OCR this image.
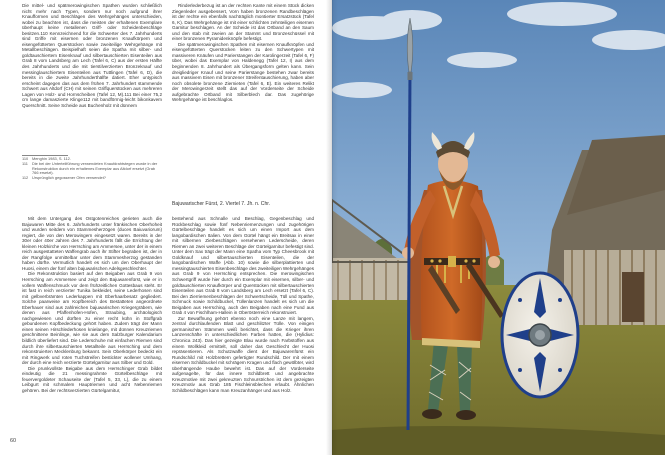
Die mittel- und spätmerowingischen Spathen wurden schließlich nicht mehr nach Typen, sondern nur noch aufgrund ihrer Knaufformen und Beschlägen des Wehrgehänges unterschieden, wobei zu beachten ist, dass die meisten der erhaltenen Exemplare überhaupt keine metallenen Griff- oder Scheidenbeschläge besitzen.110 Kennzeichnend für die Schwerter des 7. Jahrhunderts sind Griffe mit eisernen oder bronzenen Knaufkörpern und eisengefütterten Querstücken sowie zweiteilige Wehrgehänge mit Metallbeschlägen. Beispielhaft seien die Spatha mit silber- und goldtauschiertem Eisenknauf und silbertauschierten Eisenteilen aus Grab 8 vom Landsberg am Lech (Tafel 6, C) aus der ersten Hälfte des Jahrhunderts und die mit tierstilverzierten Bronzeknauf und messinglauschiertem Eisenteilen aus Tuttlingen (Tafel 6, D), die bereits in die zweite Jahrhunderthälfte datiert. Eher untypisch erscheint dagegen das aus dem frühen 7. Jahrhundert stammende Schwert aus Altdorf (CH) mit seinen Griffquerstücken aus mehreren Lagen von Holz- und Hornscheiben (Tafel 12, M).111 Bei einer 75,2 cm lange damaszierte Klinge112 mit bandförmig-leicht bikonkavem Querschnitt. Seine Scheide aus Buchenholz mit dünnem

Rinderlederbezug ist an der rechten Kante mit einem Stück dicken Ziegenleder ausgebessert, Vorn haben bronzenen Randbeschlägen ist der rechte ein ebenfalls nachträglich montierter Ersatzstück (Tafel 6, K). Das Wehrgehänge ist mit einer schlichten zehnteiligen eisernen Garnitur beschlagen. An der Scheide ist das Ortband an den Saum und den stab mit zweien an der Stammt und Bronzeschüssel mit einer bronzenen Pyramidenknöpfe befestigt.

Die spätmerowingischen Spathen mit eisernen Knaufknöpfen und eisengefütterten Querstücken leiten zu den Schwertypen mit massiveren Knäufen und Parierstangen der Karolingerzeit (Tafel 6, F) über, wobei das Exemplar von Haldenegg (Tafel 12, I) aus dem beginnenden 8. Jahrhundert als Übergangsform gelten kann. Sein dreigliedriger Knauf und seine Parierstange bestehen zwar bereits aus massivem Eisen mit bronzener Streifentauschierung, haben aber noch obsolete bronzene Ziernieten (Tafel 6, E). Ein weiteres Relikt der Merowingerzeit stellt das auf der Vorderseite der Scheide aufgebrachte Ortband mit Silberblech dar. Das zugehörige Wehrgehänge ist beschlaglos.

110 Menghin 1983, S. 112.
111	Die bei der Unterteilführung verwendeten Knaufdrahtstegen wurde in der Rekonstruktion durch ein erhaltenes Exemplar aus Altdorf ersetzt (Grab 766 ersetzt).
112 Ursprünglich gegossener Ofen verwendet?
Bajuwarischer Fürst, 2. Viertel 7. Jh. n. Chr.

Mit dem Untergang des Ostgotenreiches gerieten auch die Bajuwaren Mitte des 6. Jahrhunderts unter fränkischen Oberhoheit und wurden seitdem von Stammesherzögen (duces Baiuvariorum) regiert, die von den Merowingern eingesetzt waren. Bereits in der 30er oder 40er Jahren des 7. Jahrhunderts fällt die Errichtung der kleinen Holzkirche von Herrsching am Ammersee, unter der in einem reich ausgestatteten Waffengrab auch ihr Stifter begraben ist, der in der Rangfolge unmittelbar unter dem Stammesherzog gestanden haben dürfte. Vermutlich handelt es sich um den Oberhaupt der Huosi, einem der fünf alten bajuwarischen Adelsgeschlechter.

Die Rekonstruktion basiert auf den Beigaben aus Grab 9 von Herrsching am Ammersee und zeigt den Bajuwarenfürst, wie er in vollem Waffenschmuck vor dem frühzeitlichen Gottesbaus steht. Er ist fast in reich verzierter Tunika bekleidet, seine Lederhosen sind mit gelbverbrämten Lederkappen mit Eberhaarbesatz gegliedert. Solche paarweise am Kopfbereich des Bestatteten angeordnete Eberhauer sind aus zahlreichen bajuwarischen Kriegergräbern, wie denen aus Pfaffenhofen-Hofen, Straubing, archäologisch nachgewiesen und dürften zu einer recht kühn in Stoffgrab gebundenen Kopfbedeckung gehört haben. Zudem trägt der Mann einen seinen Hirschlederhosen knielange, mit dünnen Kreuzriemen geschnittene Beinlinge, wie sie aus dem Salzburger Kalendarium bildlich überliefert sind. Die Lederschuhe mit einfachen Riemen sind durch ihre silbertauschierten Metallteile aus Herrsching und dem rekonstruierten Mecklenburg bekannt. Sein Oberkörper bedeckt ein mit Ringwerk und roten Tuchstreifen bestickter wollener Umhang, der durch eine reich verzierte Gürtelgarnitur aus Silber und Gold.

Die prunkvollste Beigabe aus dem Herrschinger Grab bildet eindeutig die 21 messingrahmte Gürtelbeschläge mit feuervergoldeter Schauseite der (Tafel 5, 33, L), die zu einem Leibgurt mit schmalem Hauptriemen und acht Nebenriemen gehören. Bei der rechtsverzierten Gürtelgarnitur,

bestehend aus Schnalle und Beschlag, Gegenbeschlag und Rückbeschlag sowie fünf Nebenriemenzungen und zugehörigen Gürtelbeschläge handelt es sich um einen Import aus dem langobardischen Italien. Von dem Gürtel hängt ein Breitsax in einer mit silbernen Zierbeschlägen versehenen Lederscheide, deren Riemen an zwei weiteren Beschläge der Gürtelgarnitur befestigt sind. Unter dem Sax trägt der Mann eine Spatha vom Typ Cheesbrook mit Goldknauf und silbertauschierten Eisenteilen, die der langobardischen Waffe (Abb. 10) sowie die silberplattierten und messingtauschierten Eisenbeschläge des zweiteiligen Wehrgehänges aus Grab 9 von Herrsching entsprechen. Die merowingischen Schwertgriff wurde hier durch ein Exemplar mit eisernen, silber- und goldtauschierten Knaufkörper und Querstücken mit silbertauschierten Eisenteilen aus Grab 8 vom Landsberg am Lech ersetzt (Tafel 6, C). Bei den Zierriemenbeschlägen der Schwertscheide, Tüll und Spathe, Schmuck sowie Schildbuckel, Tüllenlanzen handelt es sich um die Beigaben aus Herrsching, auch den Beigaben nach eine Fund aus Grab 4 von Fischlham-Hallein in Oberösterreich rekonstruiert.

Zur Bewaffnung gehört ebenso noch eine Lanze mit langem, zentral durchlaufenden Blatt und geschlitzter Tülle. Von einigen germanischen Stämmen weiß berichtet, dass die Krieger ihren Lanzenschäfte in unterschiedlichen Farben hatten, die (Hylidius: Chronica 243). Das hier gezeigte Blau wurde nach Farbstoffen aus einem Wollkleid ermittelt, soll daher das Geschlecht der Huosi repräsentieren. Als Schutzwaffe dient der Bajuwarenfürst ein Rundschild mit Holzbrettern gefertigter Rundschild. Der mit einem eisernen Schildbuckel mit schrägem Kragen und flach gewölbter, wird überhängende Haube bewehrt ist. Das auf der Vorderseite aufgenagelte, für das innere Schildbrett und angebrachte Kreuzmotive mit zwei gekreuzten Schnurstrichen ist dem gezeigten Kreuzmotiv aus Grab 185 Fischleinsblechen erlaubt. Ähnlichen Schildbeschlägen kann man Kreuzanhänger und aus Holz.

60
